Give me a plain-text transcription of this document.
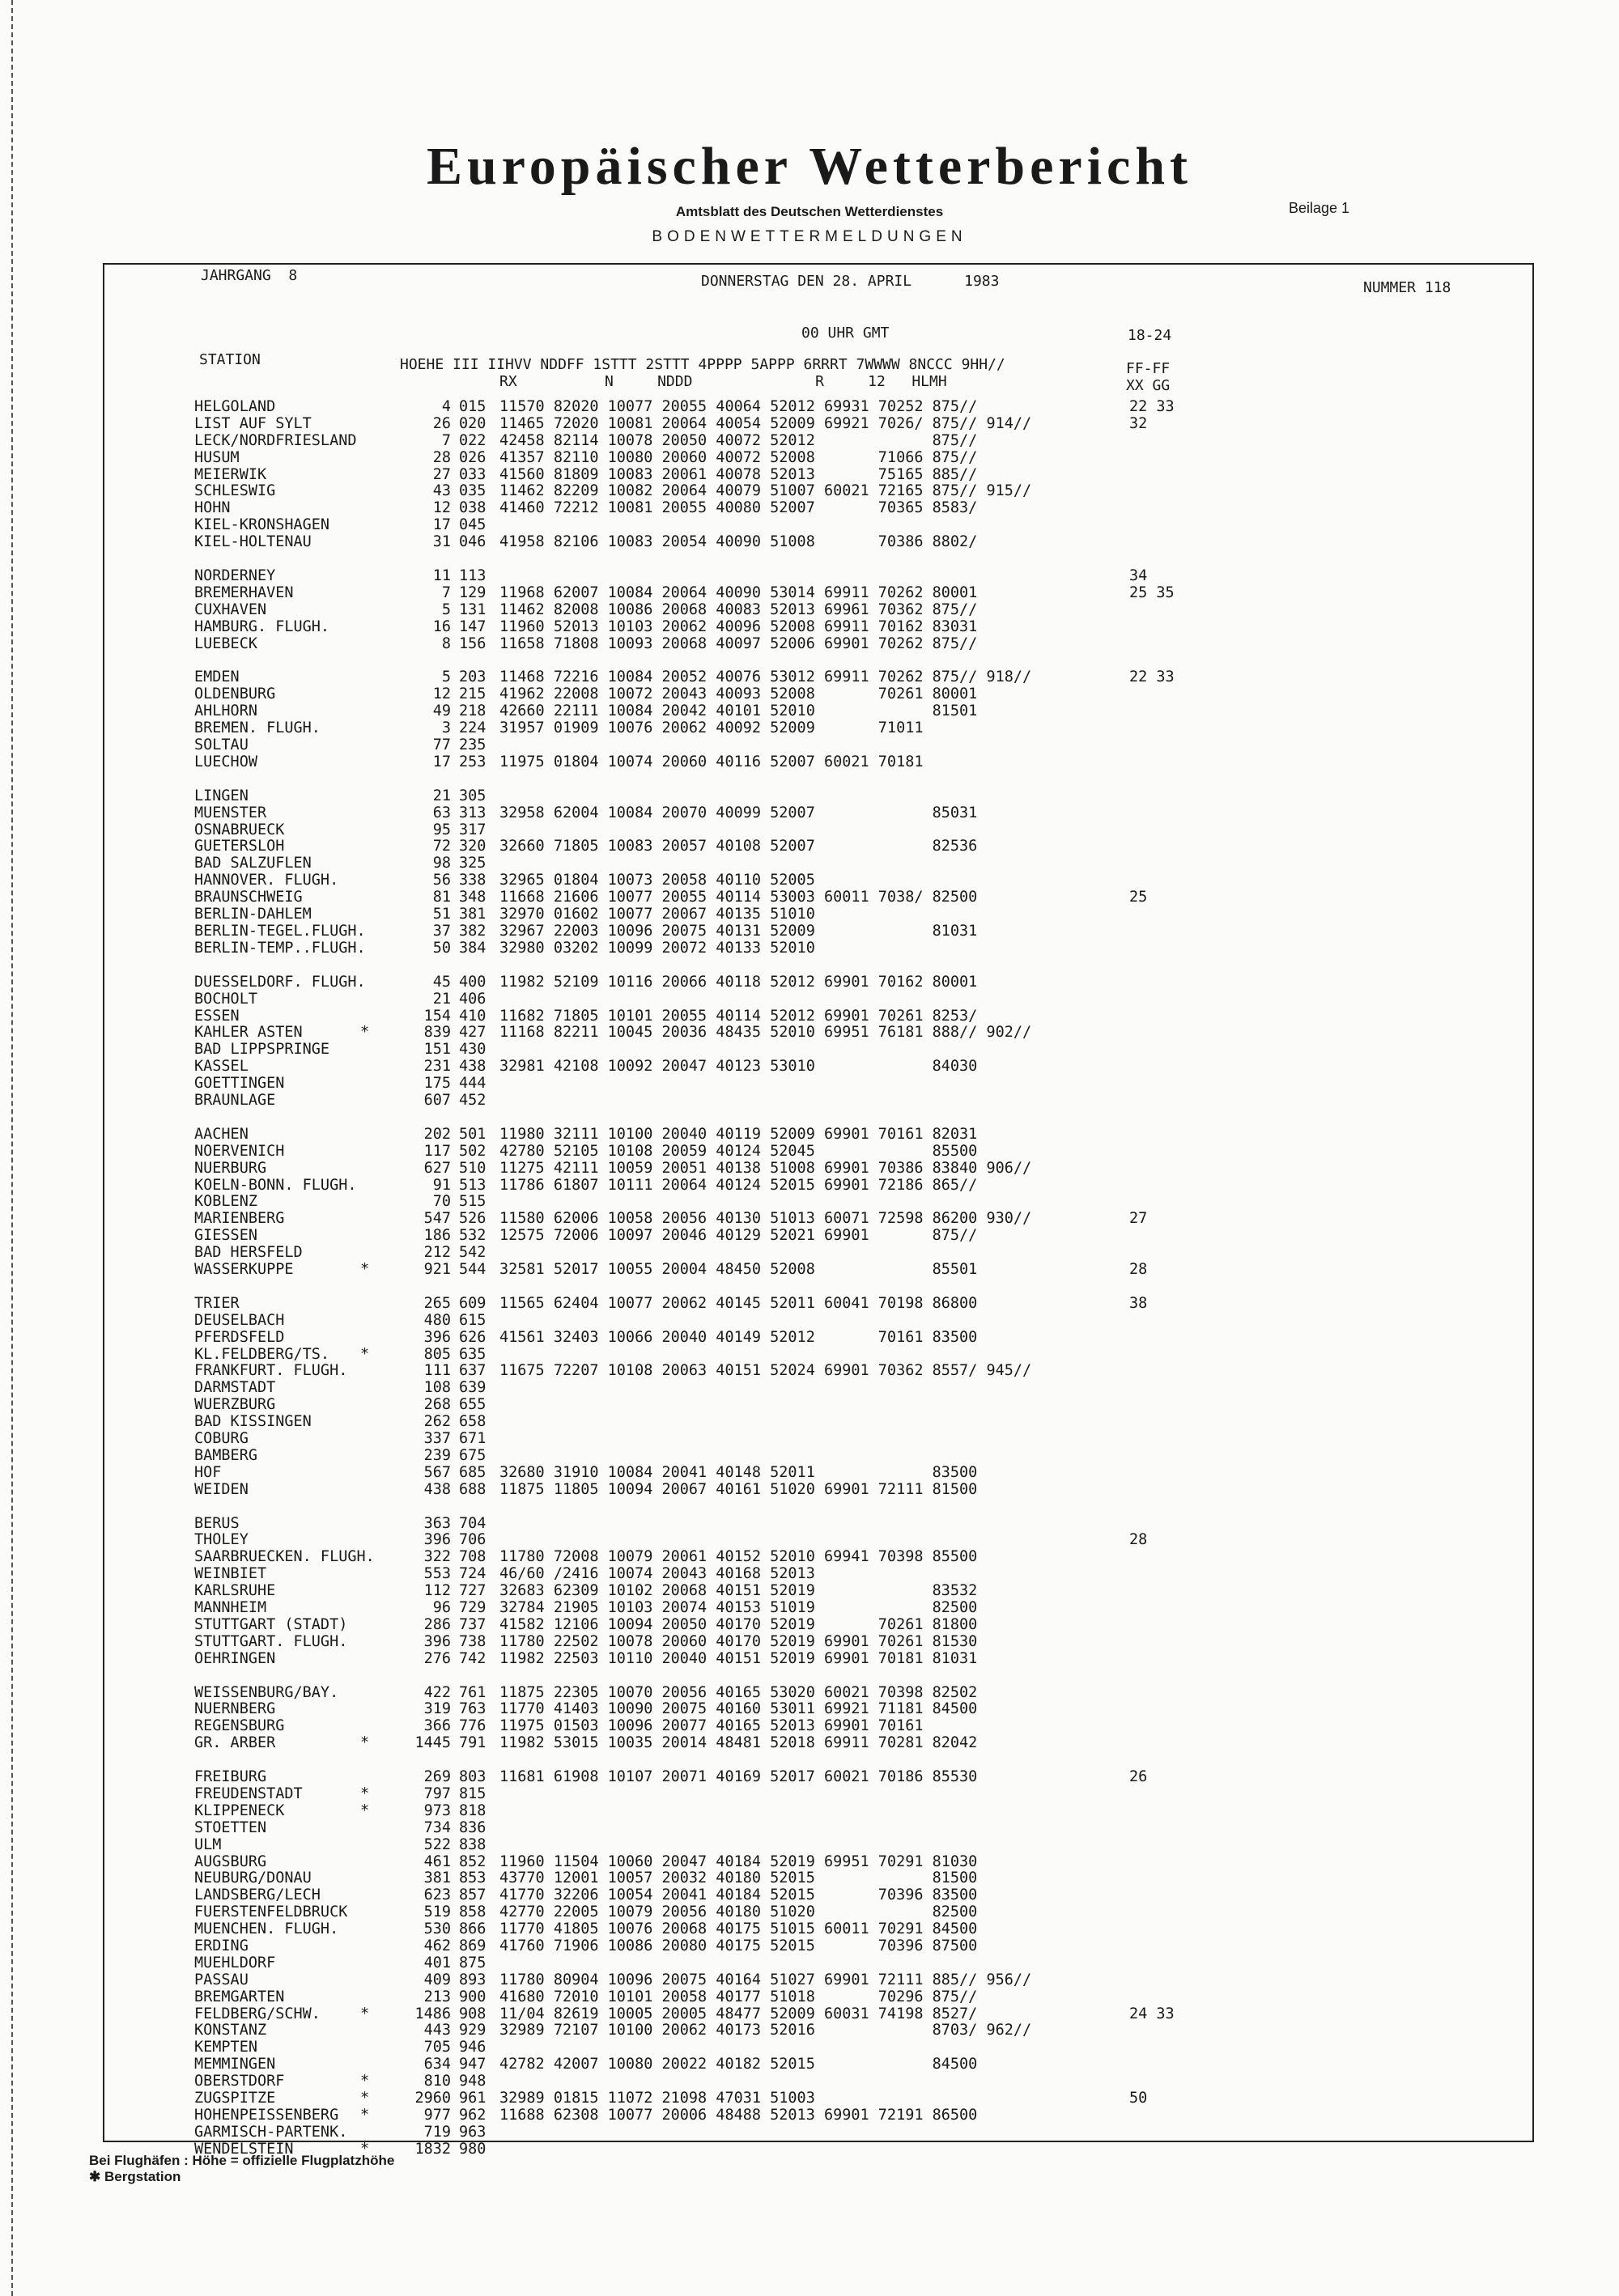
Europäischer Wetterbericht
Amtsblatt des Deutschen Wetterdienstes	Beilage 1
BODENWETTERMELDUNGEN
JAHRGANG  8	DONNERSTAG DEN 28. APRIL      1983	NUMMER 118
00 UHR GMT	18-24
STATION	HOEHE III IIHVV NDDFF 1STTT 2STTT 4PPPP 5APPP 6RRRT 7WWWW 8NCCC 9HH//
RX          N     NDDD              R     12   HLMH
FF-FF
XX GG
HELGOLAND	4 015 11570 82020 10077 20055 40064 52012 69931 70252 875//	22 33
LIST AUF SYLT	26 020 11465 72020 10081 20064 40054 52009 69921 7026/ 875// 914//	32
LECK/NORDFRIESLAND	7 022 42458 82114 10078 20050 40072 52012             875//
HUSUM	28 026 41357 82110 10080 20060 40072 52008       71066 875//
MEIERWIK	27 033 41560 81809 10083 20061 40078 52013       75165 885//
SCHLESWIG	43 035 11462 82209 10082 20064 40079 51007 60021 72165 875// 915//
HOHN	12 038 41460 72212 10081 20055 40080 52007       70365 8583/
KIEL-KRONSHAGEN	17 045
KIEL-HOLTENAU	31 046 41958 82106 10083 20054 40090 51008       70386 8802/
NORDERNEY	11 113	34
BREMERHAVEN	7 129 11968 62007 10084 20064 40090 53014 69911 70262 80001	25 35
CUXHAVEN	5 131 11462 82008 10086 20068 40083 52013 69961 70362 875//
HAMBURG. FLUGH.	16 147 11960 52013 10103 20062 40096 52008 69911 70162 83031
LUEBECK	8 156 11658 71808 10093 20068 40097 52006 69901 70262 875//
EMDEN	5 203 11468 72216 10084 20052 40076 53012 69911 70262 875// 918//	22 33
OLDENBURG	12 215 41962 22008 10072 20043 40093 52008       70261 80001
AHLHORN	49 218 42660 22111 10084 20042 40101 52010             81501
BREMEN. FLUGH.	3 224 31957 01909 10076 20062 40092 52009       71011
SOLTAU	77 235
LUECHOW	17 253 11975 01804 10074 20060 40116 52007 60021 70181
LINGEN	21 305
MUENSTER	63 313 32958 62004 10084 20070 40099 52007             85031
OSNABRUECK	95 317
GUETERSLOH	72 320 32660 71805 10083 20057 40108 52007             82536
BAD SALZUFLEN	98 325
HANNOVER. FLUGH.	56 338 32965 01804 10073 20058 40110 52005
BRAUNSCHWEIG	81 348 11668 21606 10077 20055 40114 53003 60011 7038/ 82500	25
BERLIN-DAHLEM	51 381 32970 01602 10077 20067 40135 51010
BERLIN-TEGEL.FLUGH.	37 382 32967 22003 10096 20075 40131 52009             81031
BERLIN-TEMP..FLUGH.	50 384 32980 03202 10099 20072 40133 52010
DUESSELDORF. FLUGH.	45 400 11982 52109 10116 20066 40118 52012 69901 70162 80001
BOCHOLT	21 406
ESSEN	154 410 11682 71805 10101 20055 40114 52012 69901 70261 8253/
KAHLER ASTEN	*	839 427 11168 82211 10045 20036 48435 52010 69951 76181 888// 902//
BAD LIPPSPRINGE	151 430
KASSEL	231 438 32981 42108 10092 20047 40123 53010             84030
GOETTINGEN	175 444
BRAUNLAGE	607 452
AACHEN	202 501 11980 32111 10100 20040 40119 52009 69901 70161 82031
NOERVENICH	117 502 42780 52105 10108 20059 40124 52045             85500
NUERBURG	627 510 11275 42111 10059 20051 40138 51008 69901 70386 83840 906//
KOELN-BONN. FLUGH.	91 513 11786 61807 10111 20064 40124 52015 69901 72186 865//
KOBLENZ	70 515
MARIENBERG	547 526 11580 62006 10058 20056 40130 51013 60071 72598 86200 930//	27
GIESSEN	186 532 12575 72006 10097 20046 40129 52021 69901       875//
BAD HERSFELD	212 542
WASSERKUPPE	*	921 544 32581 52017 10055 20004 48450 52008             85501	28
TRIER	265 609 11565 62404 10077 20062 40145 52011 60041 70198 86800	38
DEUSELBACH	480 615
PFERDSFELD	396 626 41561 32403 10066 20040 40149 52012       70161 83500
KL.FELDBERG/TS. *	805 635
FRANKFURT. FLUGH.	111 637 11675 72207 10108 20063 40151 52024 69901 70362 8557/ 945//
DARMSTADT	108 639
WUERZBURG	268 655
BAD KISSINGEN	262 658
COBURG	337 671
BAMBERG	239 675
HOF	567 685 32680 31910 10084 20041 40148 52011             83500
WEIDEN	438 688 11875 11805 10094 20067 40161 51020 69901 72111 81500
BERUS	363 704
THOLEY	396 706	28
SAARBRUECKEN. FLUGH.	322 708 11780 72008 10079 20061 40152 52010 69941 70398 85500
WEINBIET	553 724 46/60 /2416 10074 20043 40168 52013
KARLSRUHE	112 727 32683 62309 10102 20068 40151 52019             83532
MANNHEIM	96 729 32784 21905 10103 20074 40153 51019             82500
STUTTGART (STADT)	286 737 41582 12106 10094 20050 40170 52019       70261 81800
STUTTGART. FLUGH.	396 738 11780 22502 10078 20060 40170 52019 69901 70261 81530
OEHRINGEN	276 742 11982 22503 10110 20040 40151 52019 69901 70181 81031
WEISSENBURG/BAY.	422 761 11875 22305 10070 20056 40165 53020 60021 70398 82502
NUERNBERG	319 763 11770 41403 10090 20075 40160 53011 69921 71181 84500
REGENSBURG	366 776 11975 01503 10096 20077 40165 52013 69901 70161
GR. ARBER	*	1445 791 11982 53015 10035 20014 48481 52018 69911 70281 82042
FREIBURG	269 803 11681 61908 10107 20071 40169 52017 60021 70186 85530	26
FREUDENSTADT	*	797 815
KLIPPENECK	*	973 818
STOETTEN	734 836
ULM	522 838
AUGSBURG	461 852 11960 11504 10060 20047 40184 52019 69951 70291 81030
NEUBURG/DONAU	381 853 43770 12001 10057 20032 40180 52015             81500
LANDSBERG/LECH	623 857 41770 32206 10054 20041 40184 52015       70396 83500
FUERSTENFELDBRUCK	519 858 42770 22005 10079 20056 40180 51020             82500
MUENCHEN. FLUGH.	530 866 11770 41805 10076 20068 40175 51015 60011 70291 84500
ERDING	462 869 41760 71906 10086 20080 40175 52015       70396 87500
MUEHLDORF	401 875
PASSAU	409 893 11780 80904 10096 20075 40164 51027 69901 72111 885// 956//
BREMGARTEN	213 900 41680 72010 10101 20058 40177 51018       70296 875//
FELDBERG/SCHW.	*	1486 908 11/04 82619 10005 20005 48477 52009 60031 74198 8527/	24 33
KONSTANZ	443 929 32989 72107 10100 20062 40173 52016             8703/ 962//
KEMPTEN	705 946
MEMMINGEN	634 947 42782 42007 10080 20022 40182 52015             84500
OBERSTDORF	*	810 948
ZUGSPITZE	*	2960 961 32989 01815 11072 21098 47031 51003	50
HOHENPEISSENBERG *	977 962 11688 62308 10077 20006 48488 52013 69901 72191 86500
GARMISCH-PARTENK.	719 963
WENDELSTEIN	*	1832 980
Bei Flughäfen : Höhe = offizielle Flugplatzhöhe
✱ Bergstation
